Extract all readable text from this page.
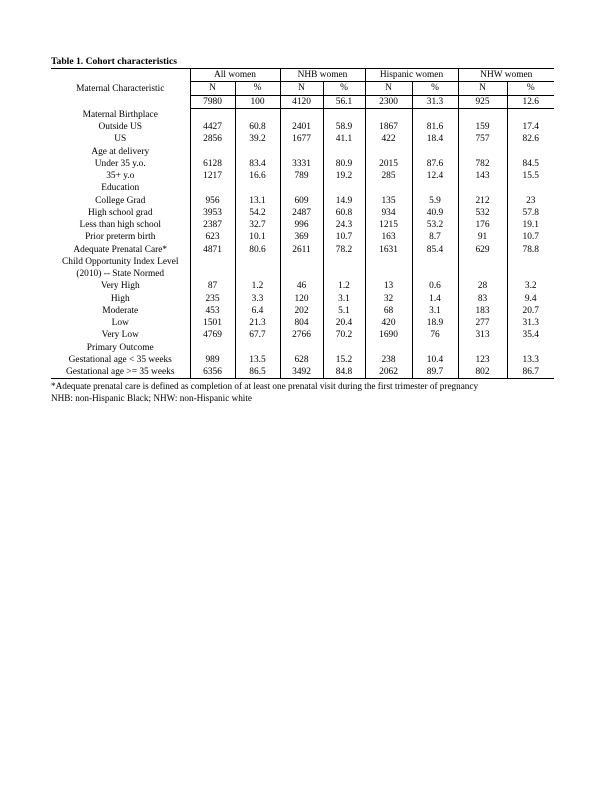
Table 1. Cohort characteristics
Maternal Characteristic	All women		NHB women		Hispanic women		NHW women	
	N	%	N	%	N	%	N	%
	7980	100	4120	56.1	2300	31.3	925	12.6
Maternal Birthplace								
Outside US	4427	60.8	2401	58.9	1867	81.6	159	17.4
US	2856	39.2	1677	41.1	422	18.4	757	82.6
Age at delivery								
Under 35 y.o.	6128	83.4	3331	80.9	2015	87.6	782	84.5
35+ y.o	1217	16.6	789	19.2	285	12.4	143	15.5
Education								
College Grad	956	13.1	609	14.9	135	5.9	212	23
High school grad	3953	54.2	2487	60.8	934	40.9	532	57.8
Less than high school	2387	32.7	996	24.3	1215	53.2	176	19.1
Prior preterm birth	623	10.1	369	10.7	163	8.7	91	10.7
Adequate Prenatal Care*	4871	80.6	2611	78.2	1631	85.4	629	78.8
Child Opportunity Index Level								
(2010) -- State Normed								
Very High	87	1.2	46	1.2	13	0.6	28	3.2
High	235	3.3	120	3.1	32	1.4	83	9.4
Moderate	453	6.4	202	5.1	68	3.1	183	20.7
Low	1501	21.3	804	20.4	420	18.9	277	31.3
Very Low	4769	67.7	2766	70.2	1690	76	313	35.4
Primary Outcome								
Gestational age < 35 weeks	989	13.5	628	15.2	238	10.4	123	13.3
Gestational age >= 35 weeks	6356	86.5	3492	84.8	2062	89.7	802	86.7
*Adequate prenatal care is defined as completion of at least one prenatal visit during the first trimester of pregnancy
NHB: non-Hispanic Black; NHW: non-Hispanic white
